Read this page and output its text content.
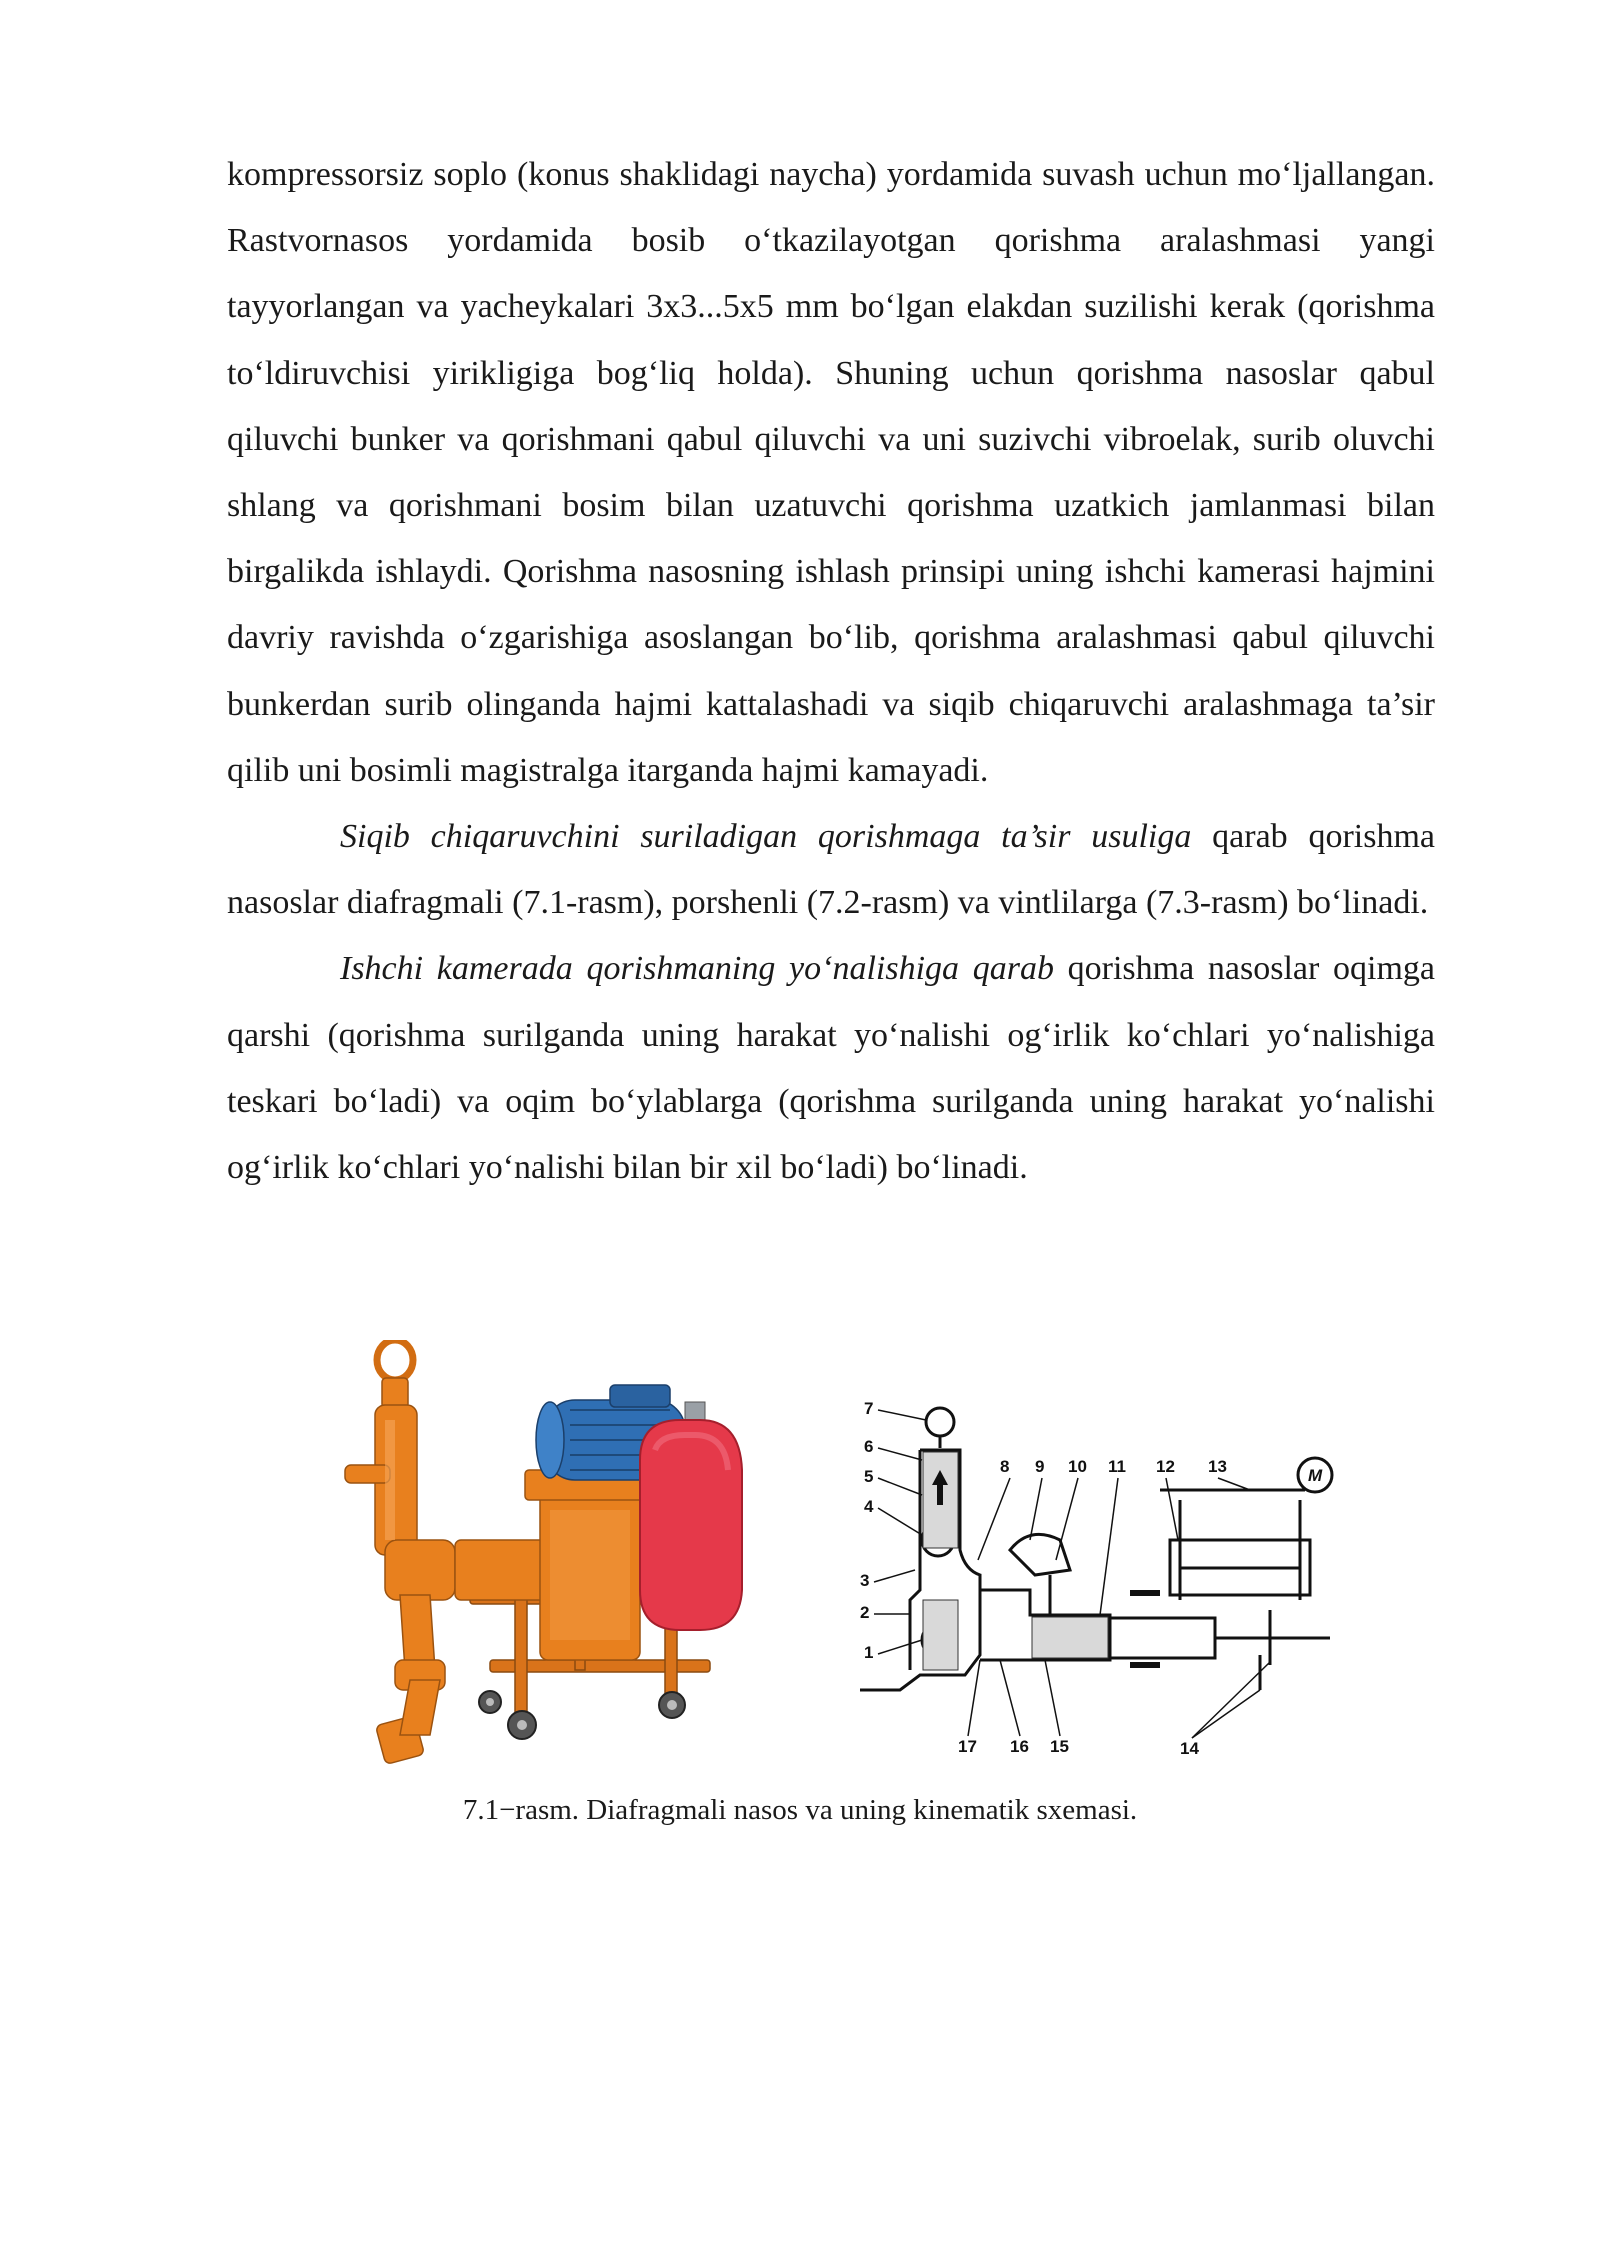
kompressorsiz soplo (konus shaklidagi naycha) yordamida suvash uchun mo‘ljallangan. Rastvornasos yordamida bosib o‘tkazilayotgan qorishma aralashmasi yangi tayyorlangan va yacheykalari 3x3...5x5 mm bo‘lgan elakdan suzilishi kerak (qorishma to‘ldiruvchisi yirikligiga bog‘liq holda). Shuning uchun qorishma nasoslar qabul qiluvchi bunker va qorishmani qabul qiluvchi va uni suzivchi vibroelak, surib oluvchi shlang va qorishmani bosim bilan uzatuvchi qorishma uzatkich jamlanmasi bilan birgalikda ishlaydi. Qorishma nasosning ishlash prinsipi uning ishchi kamerasi hajmini davriy ravishda o‘zgarishiga asoslangan bo‘lib, qorishma aralashmasi qabul qiluvchi bunkerdan surib olinganda hajmi kattalashadi va siqib chiqaruvchi aralashmaga ta’sir qilib uni bosimli magistralga itarganda hajmi kamayadi.

Siqib chiqaruvchini suriladigan qorishmaga ta’sir usuliga qarab qorishma nasoslar diafragmali (7.1-rasm), porshenli (7.2-rasm) va vintlilarga (7.3-rasm) bo‘linadi.

Ishchi kamerada qorishmaning yo‘nalishiga qarab qorishma nasoslar oqimga qarshi (qorishma surilganda uning harakat yo‘nalishi og‘irlik ko‘chlari yo‘nalishiga teskari bo‘ladi) va oqim bo‘ylablarga (qorishma surilganda uning harakat yo‘nalishi og‘irlik ko‘chlari yo‘nalishi bilan bir xil bo‘ladi) bo‘linadi.

7
6
5
4
3
2
1
8 9 10 11 12 13	M
17 16 15	14
7.1−rasm. Diafragmali nasos va uning kinematik sxemasi.
